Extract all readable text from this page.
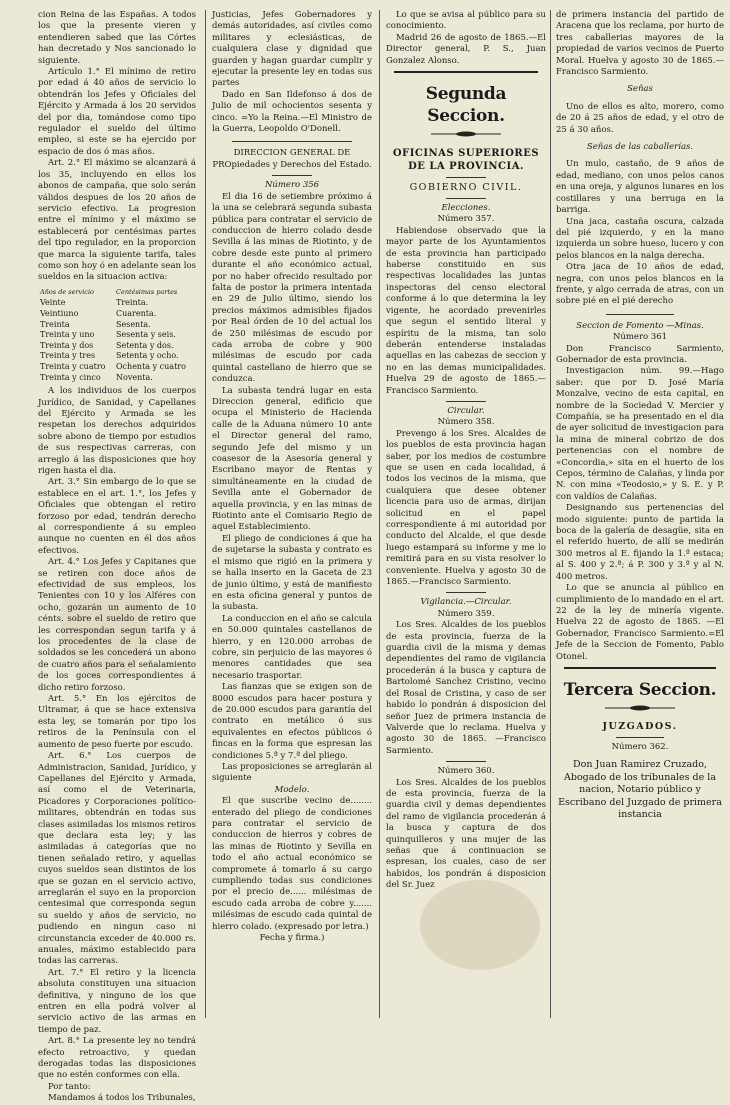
cion Reina de las Españas. A todos los que la presente vieren y entendieren sabed que las Córtes han decretado y Nos sancionado lo siguiente.

Artículo 1.° El mínimo de retiro por edad á 40 años de servicio lo obtendrán los Jefes y Oficiales del Ejército y Armada á los 20 servidos del por dia, tomándose como tipo regulador el sueldo del último empleo, si este se ha ejercido por espacio de dos ó mas años.

Art. 2.° El máximo se alcanzará á los 35, incluyendo en ellos los abonos de campaña, que solo serán válidos despues de los 20 años de servicio efectivo. La progresion entre el mínimo y el máximo se establecerá por centésimas partes del tipo regulador, en la proporcion que marca la siguiente tarifa, tales como son hoy ó en adelante sean los sueldos en la situacion activa:

Años de servicio	Centésimas partes
Veinte	Treinta.
Veintiuno	Cuarenta.
Treinta	Sesenta.
Treinta y uno	Sesenta y seis.
Treinta y dos	Setenta y dos.
Treinta y tres	Setenta y ocho.
Treinta y cuatro	Ochenta y cuatro
Treinta y cinco	Noventa.

A los individuos de los cuerpos Jurídico, de Sanidad, y Capellanes del Ejército y Armada se les respetan los derechos adquiridos sobre abono de tiempo por estudios de sus respectivas carreras, con arreglo á las disposiciones que hoy rigen hasta el dia.

Art. 3.° Sin embargo de lo que se establece en el art. 1.°, los Jefes y Oficiales que obtengan el retiro forzoso por edad, tendrán derecho al correspondiente á su empleo aunque no cuenten en él dos años efectivos.

Art. 4.° Los Jefes y Capitanes que se retiren con doce años de efectividad de sus empleos, los Tenientes con 10 y los Alféres con ocho, gozarán un aumento de 10 cénts. sobre el sueldo de retiro que les correspondan segun tarifa y á los procedentes de la clase de soldados se les concederá un abono de cuatro años para el señalamiento de los goces correspondientes á dicho retiro forzoso.

Art. 5.° En los ejércitos de Ultramar, á que se hace extensiva esta ley, se tomarán por tipo los retiros de la Península con el aumento de peso fuerte por escudo.

Art. 6.° Los cuerpos de Administracion, Sanidad, Jurídico, y Capellanes del Ejército y Armada, así como el de Veterinaria, Picadores y Corporaciones político-militares, obtendrán en todas sus clases asimiladas los mismos retiros que declara esta ley; y las asimiladas á categorías que no tienen señalado retiro, y aquellas cuyos sueldos sean distintos de los que se gozan en el servicio activo, arreglarán el suyo en la proporcion centesimal que corresponda segun su sueldo y años de servicio, no pudiendo en ningun caso ni circunstancia exceder de 40.000 rs. anuales, máximo establecido para todas las carreras.

Art. 7.° El retiro y la licencia absoluta constituyen una situacion definitiva, y ninguno de los que entren en ella podrá volver al servicio activo de las armas en tiempo de paz.

Art. 8.° La presente ley no tendrá efecto retroactivo, y quedan derogadas todas las disposiciones que no estén conformes con ella.

Por tanto:

Mandamos á todos los Tribunales,

Justicias, Jefes Gobernadores y demás autoridades, así civiles como militares y eclesiásticas, de cualquiera clase y dignidad que guarden y hagan guardar cumplir y ejecutar la presente ley en todas sus partes

Dado en San Ildefonso á dos de Julio de mil ochocientos sesenta y cinco. =Yo la Reina.—El Ministro de la Guerra, Leopoldo O'Donell.

DIRECCION GENERAL DE PROpiedades y Derechos del Estado.

Número 356

El dia 16 de setiembre próximo á la una se celebrará segunda subasta pública para contratar el servicio de conduccion de hierro colado desde Sevilla á las minas de Riotinto, y de cobre desde este punto al primero durante el año económico actual, por no haber ofrecido resultado por falta de postor la primera intentada en 29 de Julio último, siendo los precios máximos admisibles fijados por Real órden de 10 del actual los de 250 milésimas de escudo por cada arroba de cobre y 900 milésimas de escudo por cada quintal castellano de hierro que se conduzca.

La subasta tendrá lugar en esta Direccion general, edificio que ocupa el Ministerio de Hacienda calle de la Aduana número 10 ante el Director general del ramo, segundo Jefe del mismo y un coasesor de la Asesoría general y Escribano mayor de Rentas y simultáneamente en la ciudad de Sevilla ante el Gobernador de aquella provincia, y en las minas de Riotinto ante el Comisario Regio de aquel Establecimiento.

El pliego de condiciones á que ha de sujetarse la subasta y contrato es el mismo que rigió en la primera y se halla inserto en la Gaceta de 23 de junio último, y está de manifiesto en esta oficina general y puntos de la subasta.

La conduccion en el año se calcula en 50.000 quintales castellanos de hierro, y en 120.000 arrobas de cobre, sin perjuicio de las mayores ó menores cantidades que sea necesario trasportar.

Las fianzas que se exigen son de 8000 escudos para hacer postura y de 20.000 escudos para garantía del contrato en metálico ó sus equivalentes en efectos públicos ó fincas en la forma que espresan las condiciones 5.ª y 7.ª del pliego.

Las proposiciones se arreglarán al siguiente

Modelo.

El que suscribe vecino de........ enterado del pliego de condiciones para contratar el servicio de conduccion de hierros y cobres de las minas de Riotinto y Sevilla en todo el año actual económico se compromete á tomarlo á su cargo cumpliendo todas sus condiciones por el precio de...... milésimas de escudo cada arroba de cobre y....... milésimas de escudo cada quintal de hierro colado. (expresado por letra.)

Fecha y firma.)

Lo que se avisa al público para su conocimiento.

Madrid 26 de agosto de 1865.—El Director general, P. S., Juan Gonzalez Alonso.

Segunda Seccion.

OFICINAS SUPERIORES DE LA PROVINCIA.

GOBIERNO CIVIL.

Elecciones.

Número 357.

Habiendose observado que la mayor parte de los Ayuntamientos de esta provincia han participado haberse constituido en sus respectivas localidades las juntas inspectoras del censo electoral conforme á lo que determina la ley vigente, he acordado prevenirles que segun el sentido literal y espíritu de la misma, tan solo deberán entenderse instaladas aquellas en las cabezas de seccion y no en las demas municipalidades. Huelva 29 de agosto de 1865.—Francisco Sarmiento.

Circular.

Número 358.

Prevengo á los Sres. Alcaldes de los pueblos de esta provincia hagan saber, por los medios de costumbre que se usen en cada localidad, á todos los vecinos de la misma, que cualquiera que desee obtener licencia para uso de armas, dirijan solicitud en el papel correspondiente á mi autoridad por conducto del Alcalde, el que desde luego estampará su informe y me lo remitirá para en su vista resolver lo conveniente. Huelva y agosto 30 de 1865.—Francisco Sarmiento.

Vigilancia.—Circular.

Número 359.

Los Sres. Alcaldes de los pueblos de esta provincia, fuerza de la guardia civil de la misma y demas dependientes del ramo de vigilancia procederán á la busca y captura de Bartolomé Sanchez Cristino, vecino del Rosal de Cristina, y caso de ser habido lo pondrán á disposicion del señor Juez de primera instancia de Valverde que lo reclama. Huelva y agosto 30 de 1865. —Francisco Sarmiento.

Número 360.

Los Sres. Alcaldes de los pueblos de esta provincia, fuerza de la guardia civil y demas dependientes del ramo de vigilancia procederán á la busca y captura de dos quinquilleros y una mujer de las señas que á continuacion se espresan, los cuales, caso de ser habidos, los pondrán á disposicion del Sr. Juez

de primera instancia del partido de Aracena que los reclama, por hurto de tres caballerias mayores de la propiedad de varios vecinos de Puerto Moral. Huelva y agosto 30 de 1865.—Francisco Sarmiento.

Señas

Uno de ellos es alto, morero, como de 20 á 25 años de edad, y el otro de 25 á 30 años.

Señas de las caballerías.

Un mulo, castaño, de 9 años de edad, mediano, con unos pelos canos en una oreja, y algunos lunares en los costillares y una berruga en la barriga.

Una jaca, castaña oscura, calzada del pié izquierdo, y en la mano izquierda un sobre hueso, lucero y con pelos blancos en la nalga derecha.

Otra jaca de 10 años de edad, negra, con unos pelos blancos en la frente, y algo cerrada de atras, con un sobre pié en el pié derecho

Seccion de Fomento —Minas.

Número 361

Don Francisco Sarmiento, Gobernador de esta provincia.

Investigacion núm. 99.—Hago saber: que por D. José María Monzalve, vecino de esta capital, en nombre de la Sociedad V. Mercier y Compañía, se ha presentado en el dia de ayer solicitud de investigacion para la mina de mineral cobrizo de dos pertenencias con el nombre de «Concordia,» sita en el huerto de los Cepos, término de Calañas, y linda por N. con mina «Teodosio,» y S. E. y P. con valdíos de Calañas.

Designando sus pertenencias del modo siguiente: punto de partida la boca de la galería de desagüe, sita en el referido huerto, de allí se medirán 300 metros al E. fijando la 1.ª estaca; al S. 400 y 2.ª; á P. 300 y 3.ª y al N. 400 metros.

Lo que se anuncia al público en cumplimiento de lo mandado en el art. 22 de la ley de minería vigente. Huelva 22 de agosto de 1865. —El Gobernador, Francisco Sarmiento.=El Jefe de la Seccion de Fomento, Pablo Otonel.

Tercera Seccion.

JUZGADOS.

Número 362.

Don Juan Ramirez Cruzado, Abogado de los tribunales de la nacion, Notario público y Escribano del Juzgado de primera instancia
